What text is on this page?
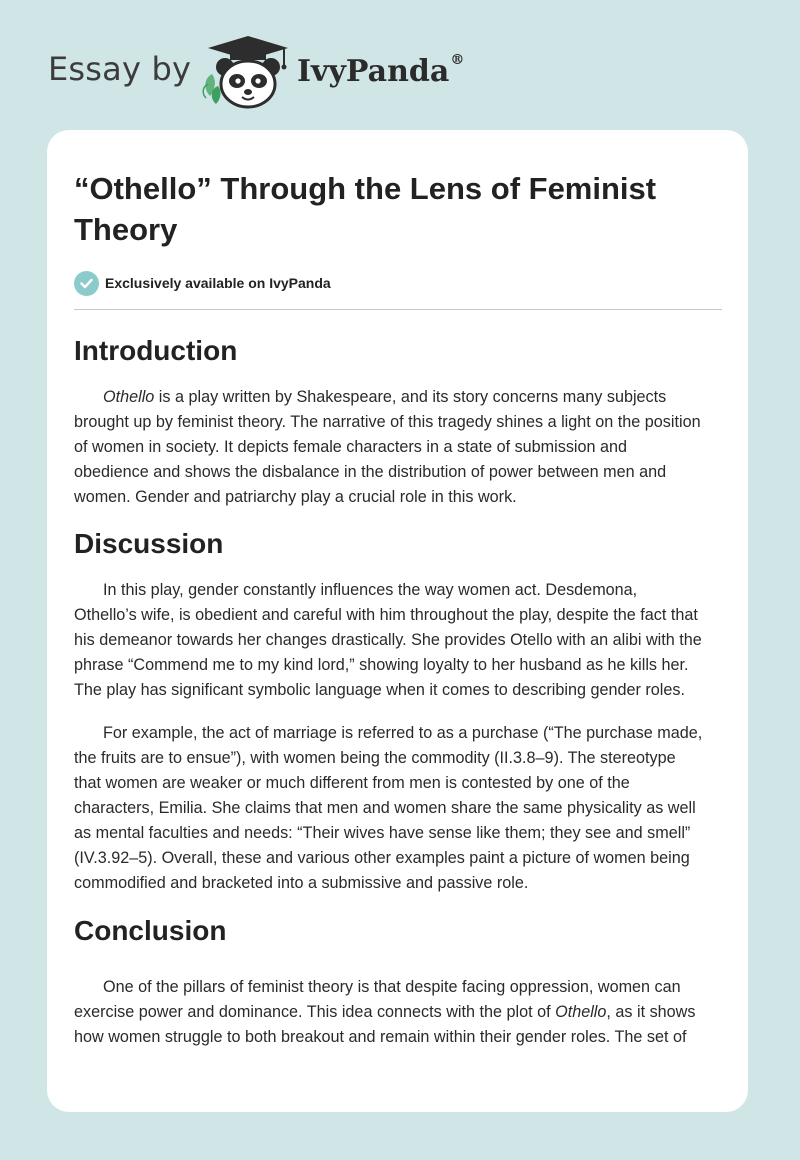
Essay by	IvyPanda®
“Othello” Through the Lens of Feminist
Theory
Exclusively available on IvyPanda
Introduction

Othello is a play written by Shakespeare, and its story concerns many subjects
brought up by feminist theory. The narrative of this tragedy shines a light on the position
of women in society. It depicts female characters in a state of submission and
obedience and shows the disbalance in the distribution of power between men and
women. Gender and patriarchy play a crucial role in this work.

Discussion

In this play, gender constantly influences the way women act. Desdemona,
Othello’s wife, is obedient and careful with him throughout the play, despite the fact that
his demeanor towards her changes drastically. She provides Otello with an alibi with the
phrase “Commend me to my kind lord,” showing loyalty to her husband as he kills her.
The play has significant symbolic language when it comes to describing gender roles.

For example, the act of marriage is referred to as a purchase (“The purchase made,
the fruits are to ensue”), with women being the commodity (II.3.8–9). The stereotype
that women are weaker or much different from men is contested by one of the
characters, Emilia. She claims that men and women share the same physicality as well
as mental faculties and needs: “Their wives have sense like them; they see and smell”
(IV.3.92–5). Overall, these and various other examples paint a picture of women being
commodified and bracketed into a submissive and passive role.

Conclusion

One of the pillars of feminist theory is that despite facing oppression, women can
exercise power and dominance. This idea connects with the plot of Othello, as it shows
how women struggle to both breakout and remain within their gender roles. The set of
